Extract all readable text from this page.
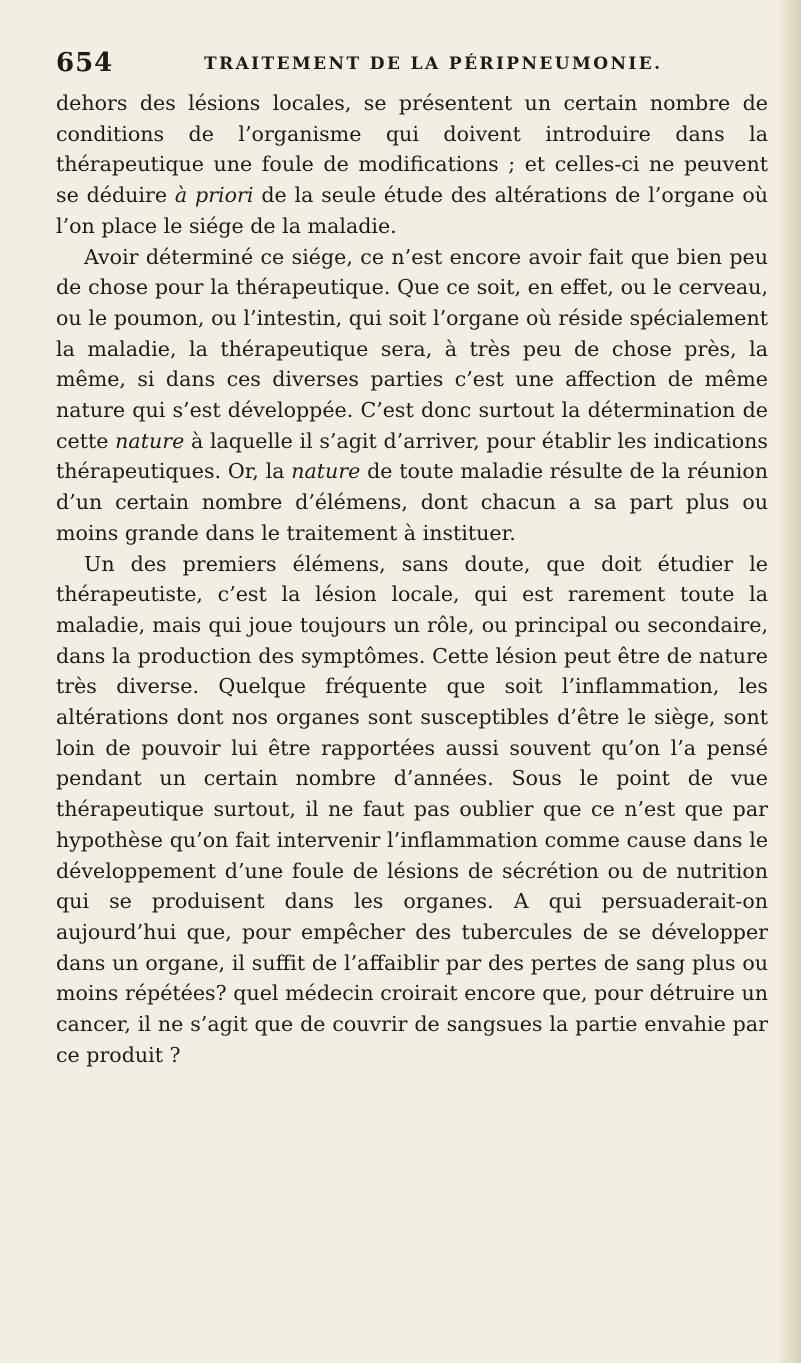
654	TRAITEMENT DE LA PÉRIPNEUMONIE.

dehors des lésions locales, se présentent un certain nombre de conditions de l’organisme qui doivent introduire dans la thérapeutique une foule de modifications ; et celles-ci ne peuvent se déduire à priori de la seule étude des altérations de l’organe où l’on place le siége de la maladie.

Avoir déterminé ce siége, ce n’est encore avoir fait que bien peu de chose pour la thérapeutique. Que ce soit, en effet, ou le cerveau, ou le poumon, ou l’intestin, qui soit l’organe où réside spécialement la maladie, la thérapeutique sera, à très peu de chose près, la même, si dans ces diverses parties c’est une affection de même nature qui s’est développée. C’est donc surtout la détermination de cette nature à laquelle il s’agit d’arriver, pour établir les indications thérapeutiques. Or, la nature de toute maladie résulte de la réunion d’un certain nombre d’élémens, dont chacun a sa part plus ou moins grande dans le traitement à instituer.

Un des premiers élémens, sans doute, que doit étudier le thérapeutiste, c’est la lésion locale, qui est rarement toute la maladie, mais qui joue toujours un rôle, ou principal ou secondaire, dans la production des symptômes. Cette lésion peut être de nature très diverse. Quelque fréquente que soit l’inflammation, les altérations dont nos organes sont susceptibles d’être le siège, sont loin de pouvoir lui être rapportées aussi souvent qu’on l’a pensé pendant un certain nombre d’années. Sous le point de vue thérapeutique surtout, il ne faut pas oublier que ce n’est que par hypothèse qu’on fait intervenir l’inflammation comme cause dans le développement d’une foule de lésions de sécrétion ou de nutrition qui se produisent dans les organes. A qui persuaderait-on aujourd’hui que, pour empêcher des tubercules de se développer dans un organe, il suffit de l’affaiblir par des pertes de sang plus ou moins répétées? quel médecin croirait encore que, pour détruire un cancer, il ne s’agit que de couvrir de sangsues la partie envahie par ce produit ?
